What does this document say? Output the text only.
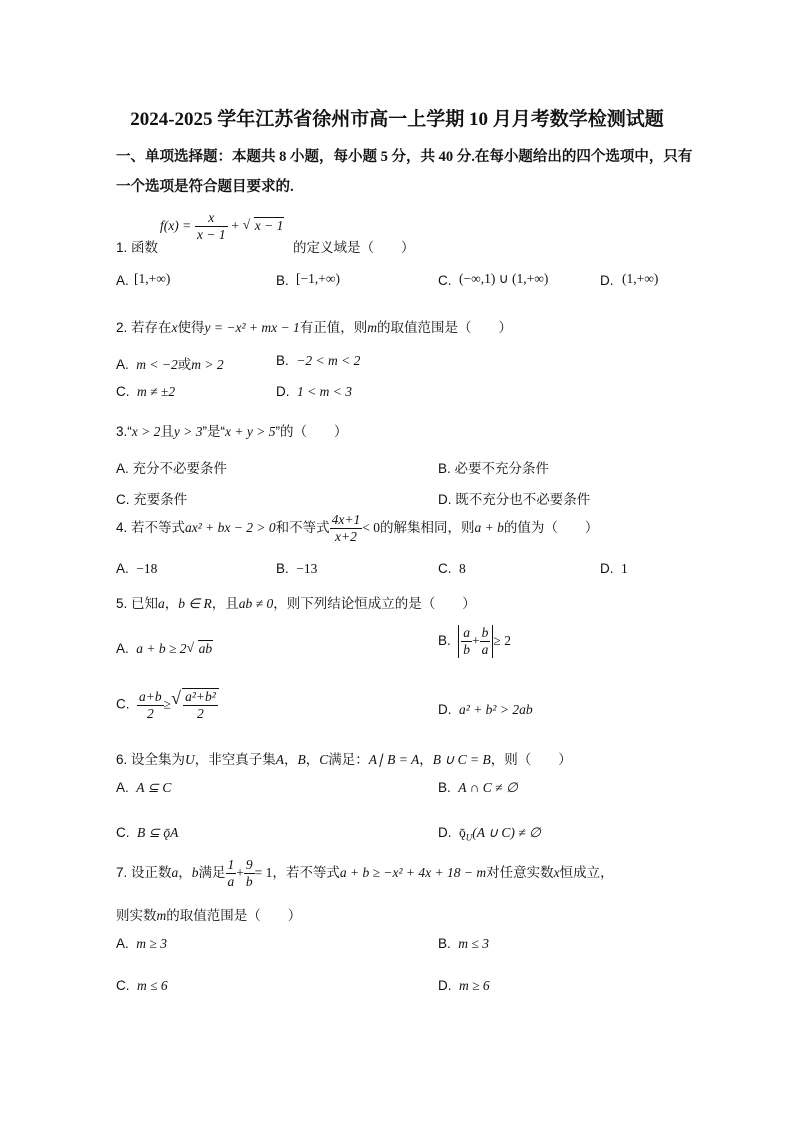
2024-2025 学年江苏省徐州市高一上学期 10 月月考数学检测试题
一、单项选择题：本题共 8 小题，每小题 5 分，共 40 分.在每小题给出的四个选项中，只有
一个选项是符合题目要求的.
1. 函数
$f(x) = \frac{x}{x - 1}$ + √ x − 1
的定义域是（　　）
A. [1,+∞)	B. [−1,+∞)	C. (−∞,1) ∪ (1,+∞)	D. (1,+∞)
2. 若存在x使得y = −x² + mx − 1有正值，则m的取值范围是（　　）
A. m < −2或m > 2	B. −2 < m < 2
C. m ≠ ±2	D. 1 < m < 3
3.“x > 2且y > 3”是“x + y > 5”的（　　）
A. 充分不必要条件	B. 必要不充分条件
C. 充要条件	D. 既不充分也不必要条件
4. 若不等式ax² + bx − 2 > 0和不等式 $\frac{4x+1}{x+2} < 0$的解集相同，则a + b的值为（　　）
A. −18	B. −13	C. 8	D. 1
5. 已知a，b ∈ R，且ab ≠ 0，则下列结论恒成立的是（　　）
A. a + b ≥ 2 √ ab
B. $\frac{a}{b} + \frac{b}{a} \ge 2$
C. $\frac{a+b}{2}$ ≥ √ $\frac{\text{a²+b²}}{2}$	D. a² + b² > 2ab
6. 设全集为U，非空真子集A，B，C满足：A∣ B = A，B ∪ C = B，则（　　）
A. A ⊆ C	B. A ∩ C ≠ ∅
C. B ⊆ ǭA	D. $ǭ_U(A$ ∪ C) ≠ ∅
7. 设正数a，b满足 $\frac{1}{a} + \frac{9}{b} = 1$，若不等式a + b ≥ −x² + 4x + 18 − m对任意实数x恒成立，
则实数m的取值范围是（　　）
A. m ≥ 3	B. m ≤ 3
C. m ≤ 6	D. m ≥ 6
